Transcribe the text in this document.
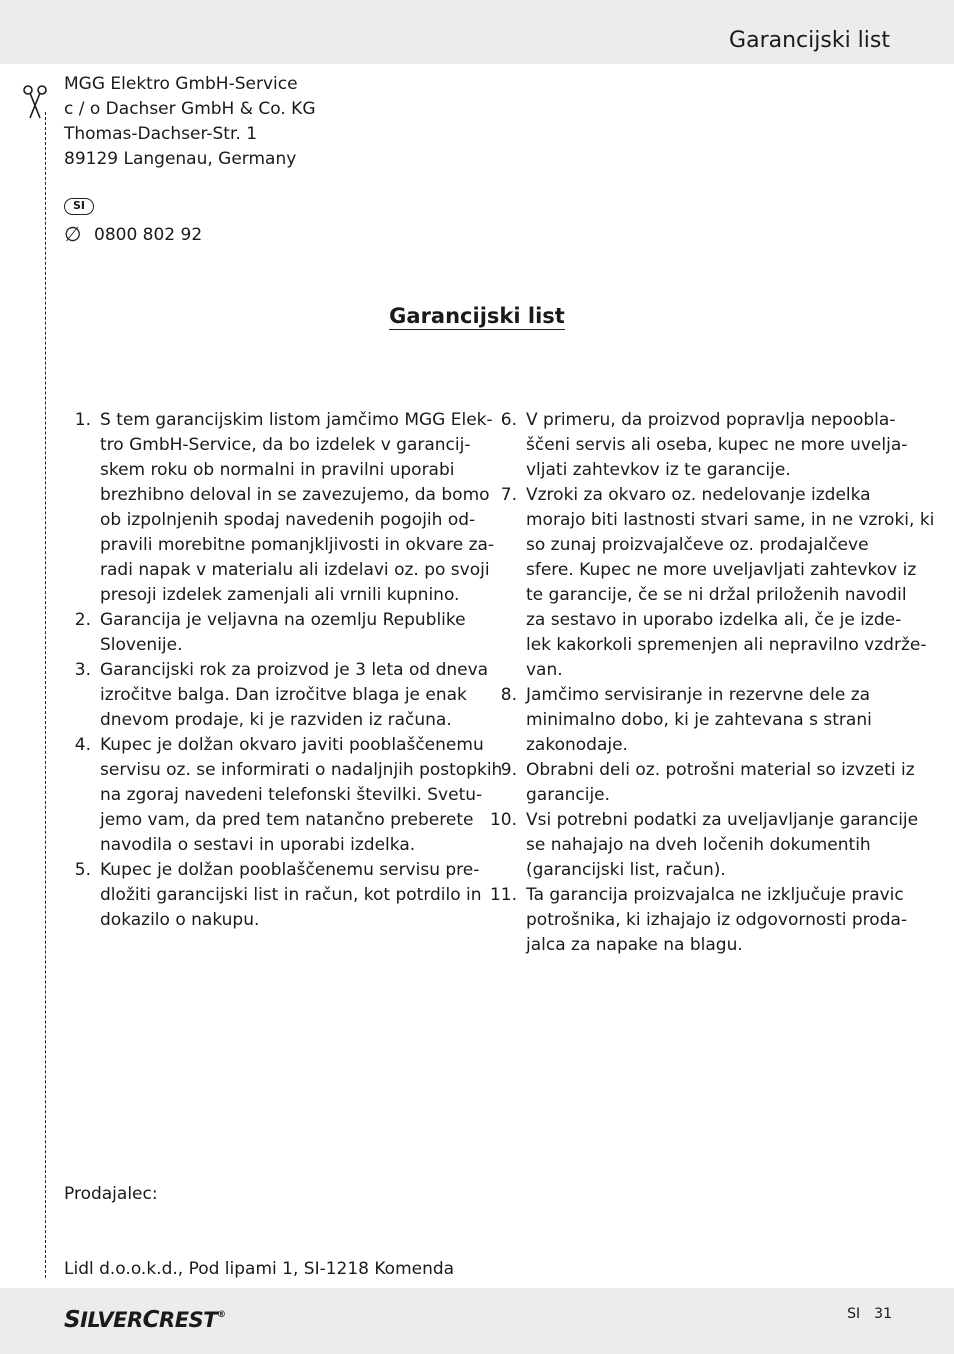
Garancijski list
MGG Elektro GmbH-Service
c / o Dachser GmbH & Co. KG
Thomas-Dachser-Str. 1
89129 Langenau, Germany
SI
∅ 0800 802 92
Garancijski list
1. S tem garancijskim listom jamčimo MGG Elek-
tro GmbH-Service, da bo izdelek v garancij-
skem roku ob normalni in pravilni uporabi
brezhibno deloval in se zavezujemo, da bomo
ob izpolnjenih spodaj navedenih pogojih od-
pravili morebitne pomanjkljivosti in okvare za-
radi napak v materialu ali izdelavi oz. po svoji
presoji izdelek zamenjali ali vrnili kupnino.
2. Garancija je veljavna na ozemlju Republike
Slovenije.
3. Garancijski rok za proizvod je 3 leta od dneva
izročitve balga. Dan izročitve blaga je enak
dnevom prodaje, ki je razviden iz računa.
4. Kupec je dolžan okvaro javiti pooblaščenemu
servisu oz. se informirati o nadaljnjih postopkih
na zgoraj navedeni telefonski številki. Svetu-
jemo vam, da pred tem natančno preberete
navodila o sestavi in uporabi izdelka.
5. Kupec je dolžan pooblaščenemu servisu pre-
dložiti garancijski list in račun, kot potrdilo in
dokazilo o nakupu.
6. V primeru, da proizvod popravlja nepoobla-
ščeni servis ali oseba, kupec ne more uvelja-
vljati zahtevkov iz te garancije.
7. Vzroki za okvaro oz. nedelovanje izdelka
morajo biti lastnosti stvari same, in ne vzroki, ki
so zunaj proizvajalčeve oz. prodajalčeve
sfere. Kupec ne more uveljavljati zahtevkov iz
te garancije, če se ni držal priloženih navodil
za sestavo in uporabo izdelka ali, če je izde-
lek kakorkoli spremenjen ali nepravilno vzdrže-
van.
8. Jamčimo servisiranje in rezervne dele za
minimalno dobo, ki je zahtevana s strani
zakonodaje.
9. Obrabni deli oz. potrošni material so izvzeti iz
garancije.
10. Vsi potrebni podatki za uveljavljanje garancije
se nahajajo na dveh ločenih dokumentih
(garancijski list, račun).
11. Ta garancija proizvajalca ne izključuje pravic
potrošnika, ki izhajajo iz odgovornosti proda-
jalca za napake na blagu.
Prodajalec:
Lidl d.o.o.k.d., Pod lipami 1, SI-1218 Komenda
SILVERCREST®	SI 31
